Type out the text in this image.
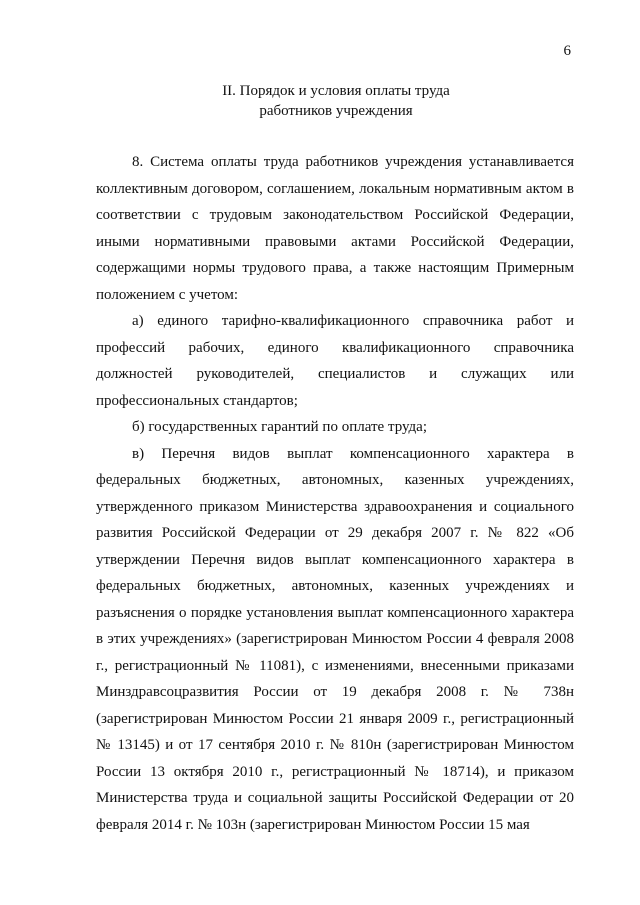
6
II. Порядок и условия оплаты труда
работников учреждения

8. Система оплаты труда работников учреждения устанавливается коллективным договором, соглашением, локальным нормативным актом в соответствии с трудовым законодательством Российской Федерации, иными нормативными правовыми актами Российской Федерации, содержащими нормы трудового права, а также настоящим Примерным положением с учетом:

а) единого тарифно-квалификационного справочника работ и профессий рабочих, единого квалификационного справочника должностей руководителей, специалистов и служащих или профессиональных стандартов;

б) государственных гарантий по оплате труда;

в) Перечня видов выплат компенсационного характера в федеральных бюджетных, автономных, казенных учреждениях, утвержденного приказом Министерства здравоохранения и социального развития Российской Федерации от 29 декабря 2007 г. № 822 «Об утверждении Перечня видов выплат компенсационного характера в федеральных бюджетных, автономных, казенных учреждениях и разъяснения о порядке установления выплат компенсационного характера в этих учреждениях» (зарегистрирован Минюстом России 4 февраля 2008 г., регистрационный № 11081), с изменениями, внесенными приказами Минздравсоцразвития России от 19 декабря 2008 г. № 738н (зарегистрирован Минюстом России 21 января 2009 г., регистрационный № 13145) и от 17 сентября 2010 г. № 810н (зарегистрирован Минюстом России 13 октября 2010 г., регистрационный № 18714), и приказом Министерства труда и социальной защиты Российской Федерации от 20 февраля 2014 г. № 103н (зарегистрирован Минюстом России 15 мая
